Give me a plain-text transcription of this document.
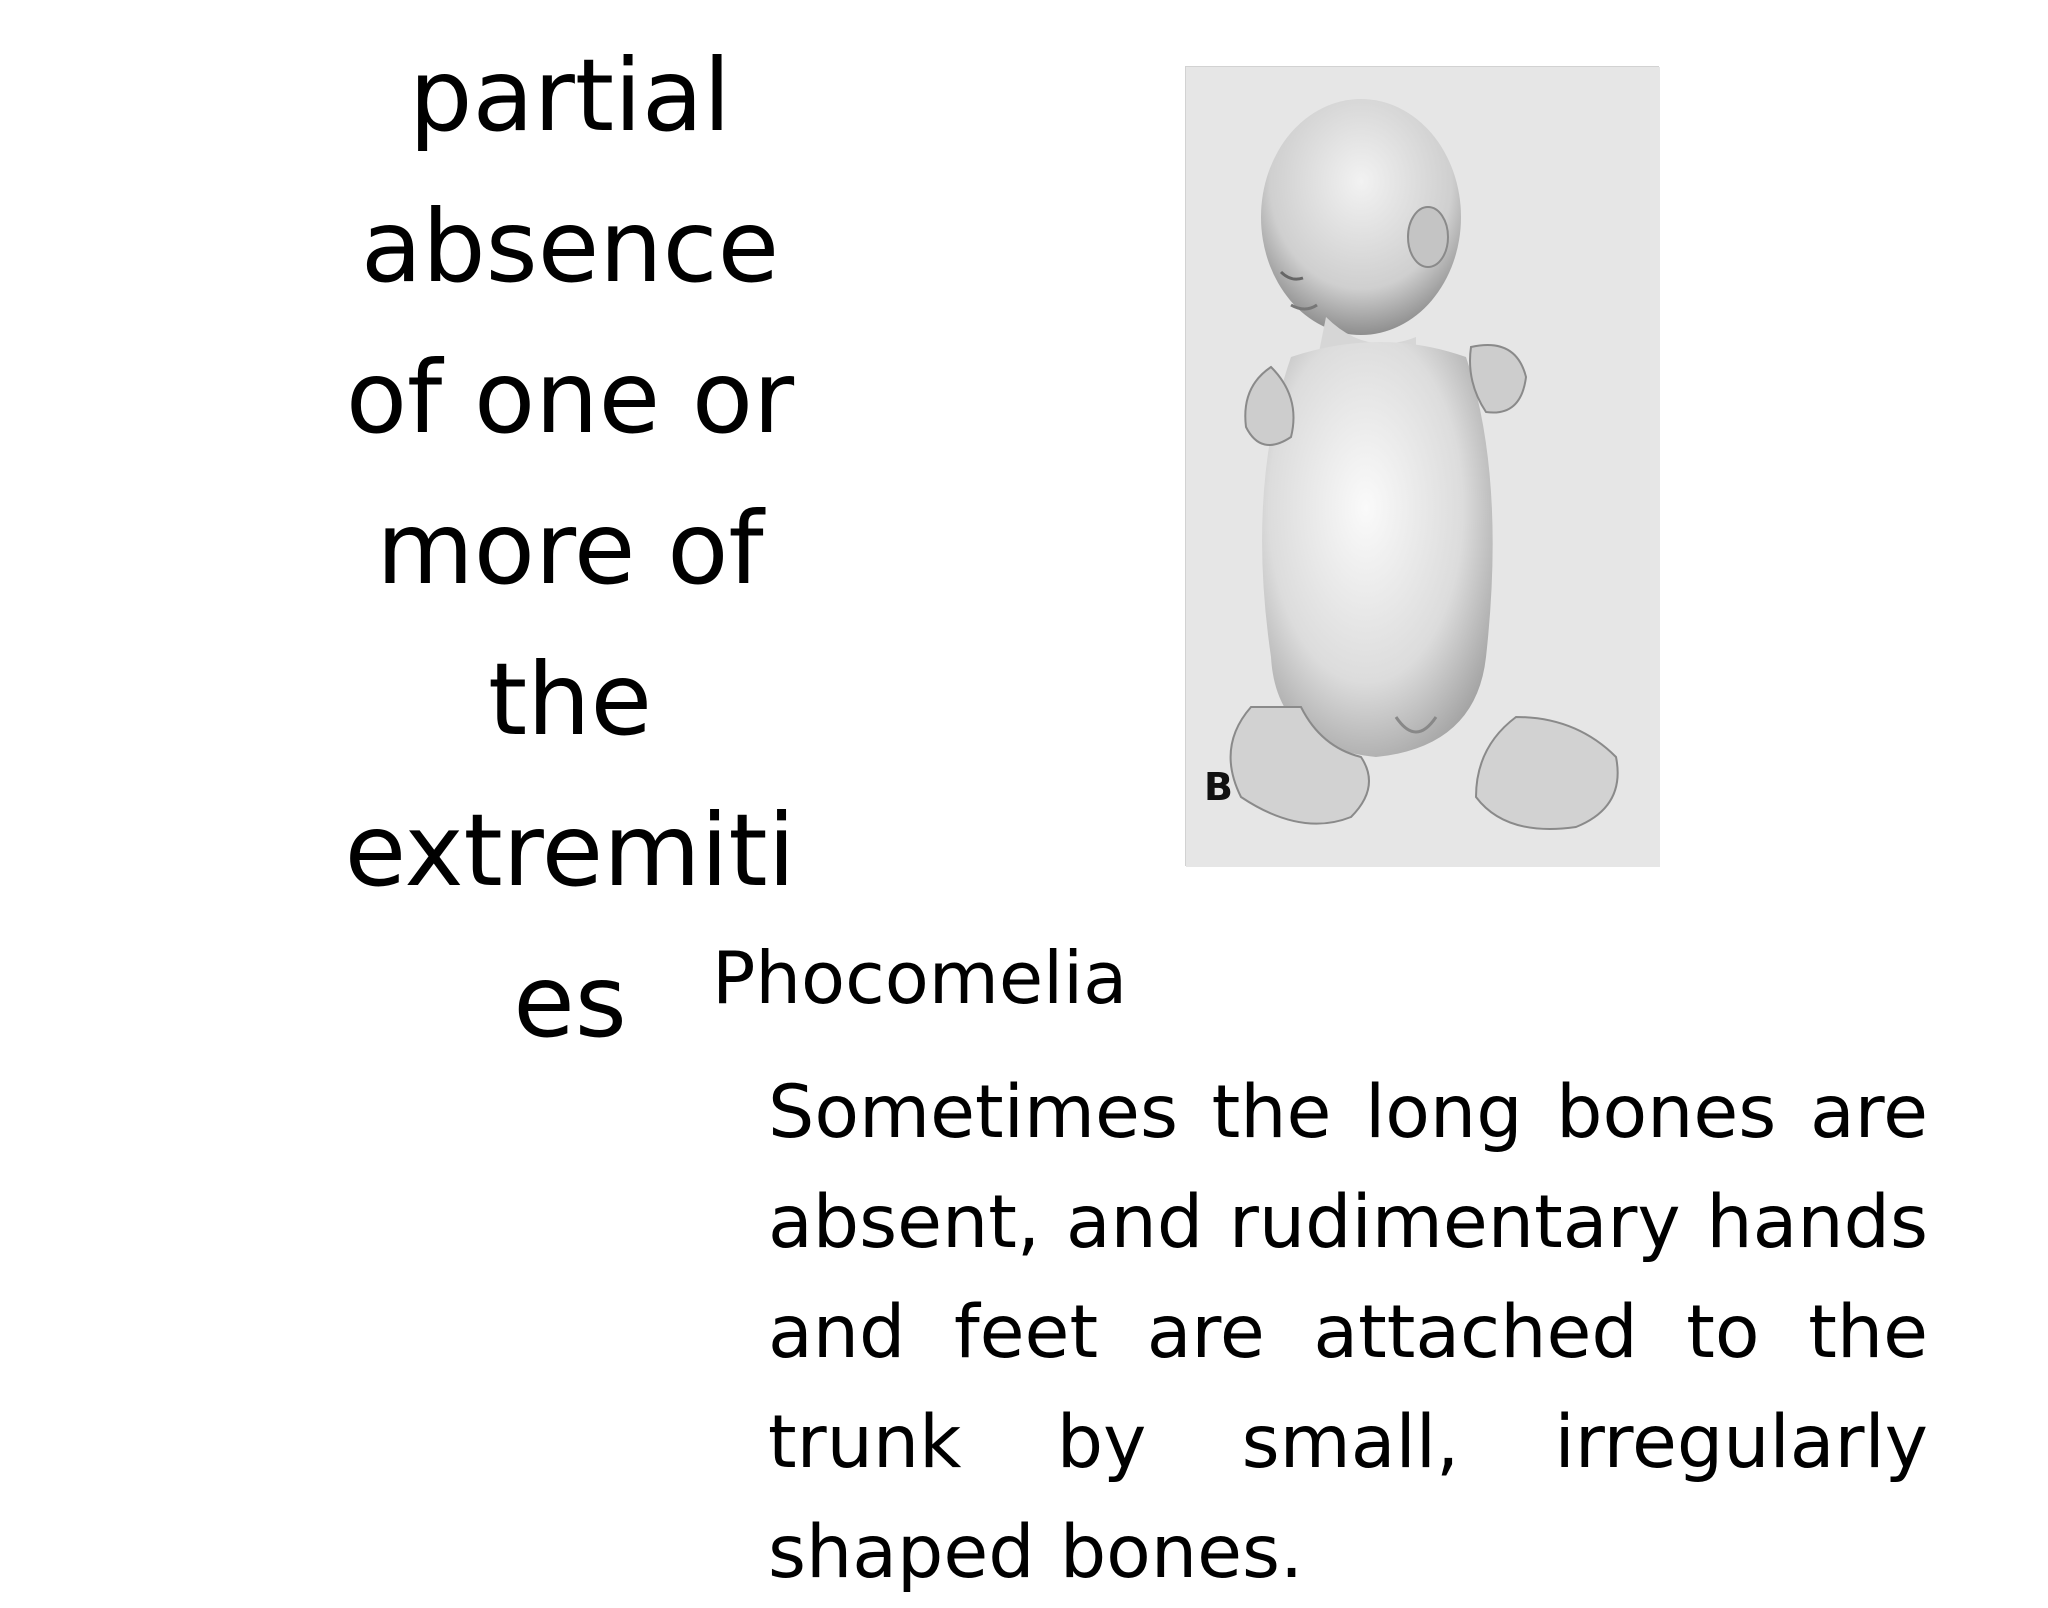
partial
absence
of one or
more of
the
extremiti
es
B

Phocomelia

Sometimes the long bones are absent, and rudimentary hands and feet are attached to the trunk by small, irregularly shaped bones.
